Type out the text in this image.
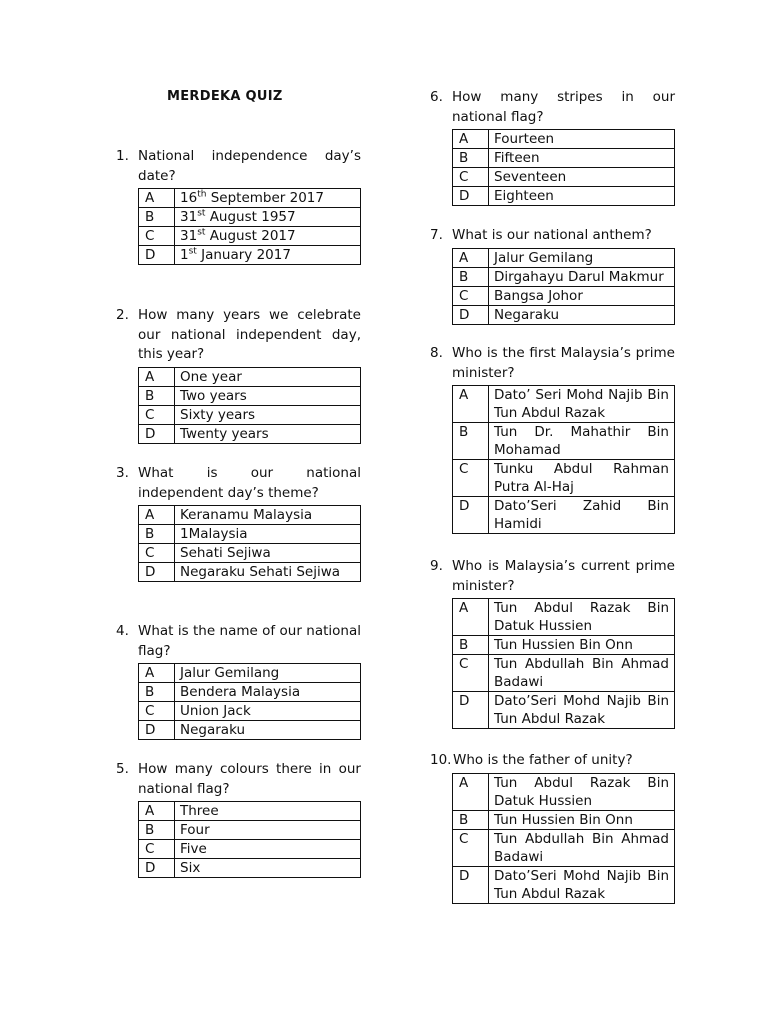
MERDEKA QUIZ
1. National independence day’s date?
A	16th September 2017
B	31st August 1957
C	31st August 2017
D	1st January 2017
2. How many years we celebrate our national independent day, this year?
A	One year
B	Two years
C	Sixty years
D	Twenty years
3. What is our national independent day’s theme?
A	Keranamu Malaysia
B	1Malaysia
C	Sehati Sejiwa
D	Negaraku Sehati Sejiwa
4. What is the name of our national flag?
A	Jalur Gemilang
B	Bendera Malaysia
C	Union Jack
D	Negaraku
5. How many colours there in our national flag?
A	Three
B	Four
C	Five
D	Six
6. How many stripes in our national flag?
A	Fourteen
B	Fifteen
C	Seventeen
D	Eighteen
7. What is our national anthem?
A	Jalur Gemilang
B	Dirgahayu Darul Makmur
C	Bangsa Johor
D	Negaraku
8. Who is the first Malaysia’s prime minister?
A	Dato’ Seri Mohd Najib Bin Tun Abdul Razak
B	Tun Dr. Mahathir Bin Mohamad
C	Tunku Abdul Rahman Putra Al-Haj
D	Dato’Seri Zahid Bin Hamidi
9. Who is Malaysia’s current prime minister?
A	Tun Abdul Razak Bin Datuk Hussien
B	Tun Hussien Bin Onn
C	Tun Abdullah Bin Ahmad Badawi
D	Dato’Seri Mohd Najib Bin Tun Abdul Razak
10. Who is the father of unity?
A	Tun Abdul Razak Bin Datuk Hussien
B	Tun Hussien Bin Onn
C	Tun Abdullah Bin Ahmad Badawi
D	Dato’Seri Mohd Najib Bin Tun Abdul Razak
